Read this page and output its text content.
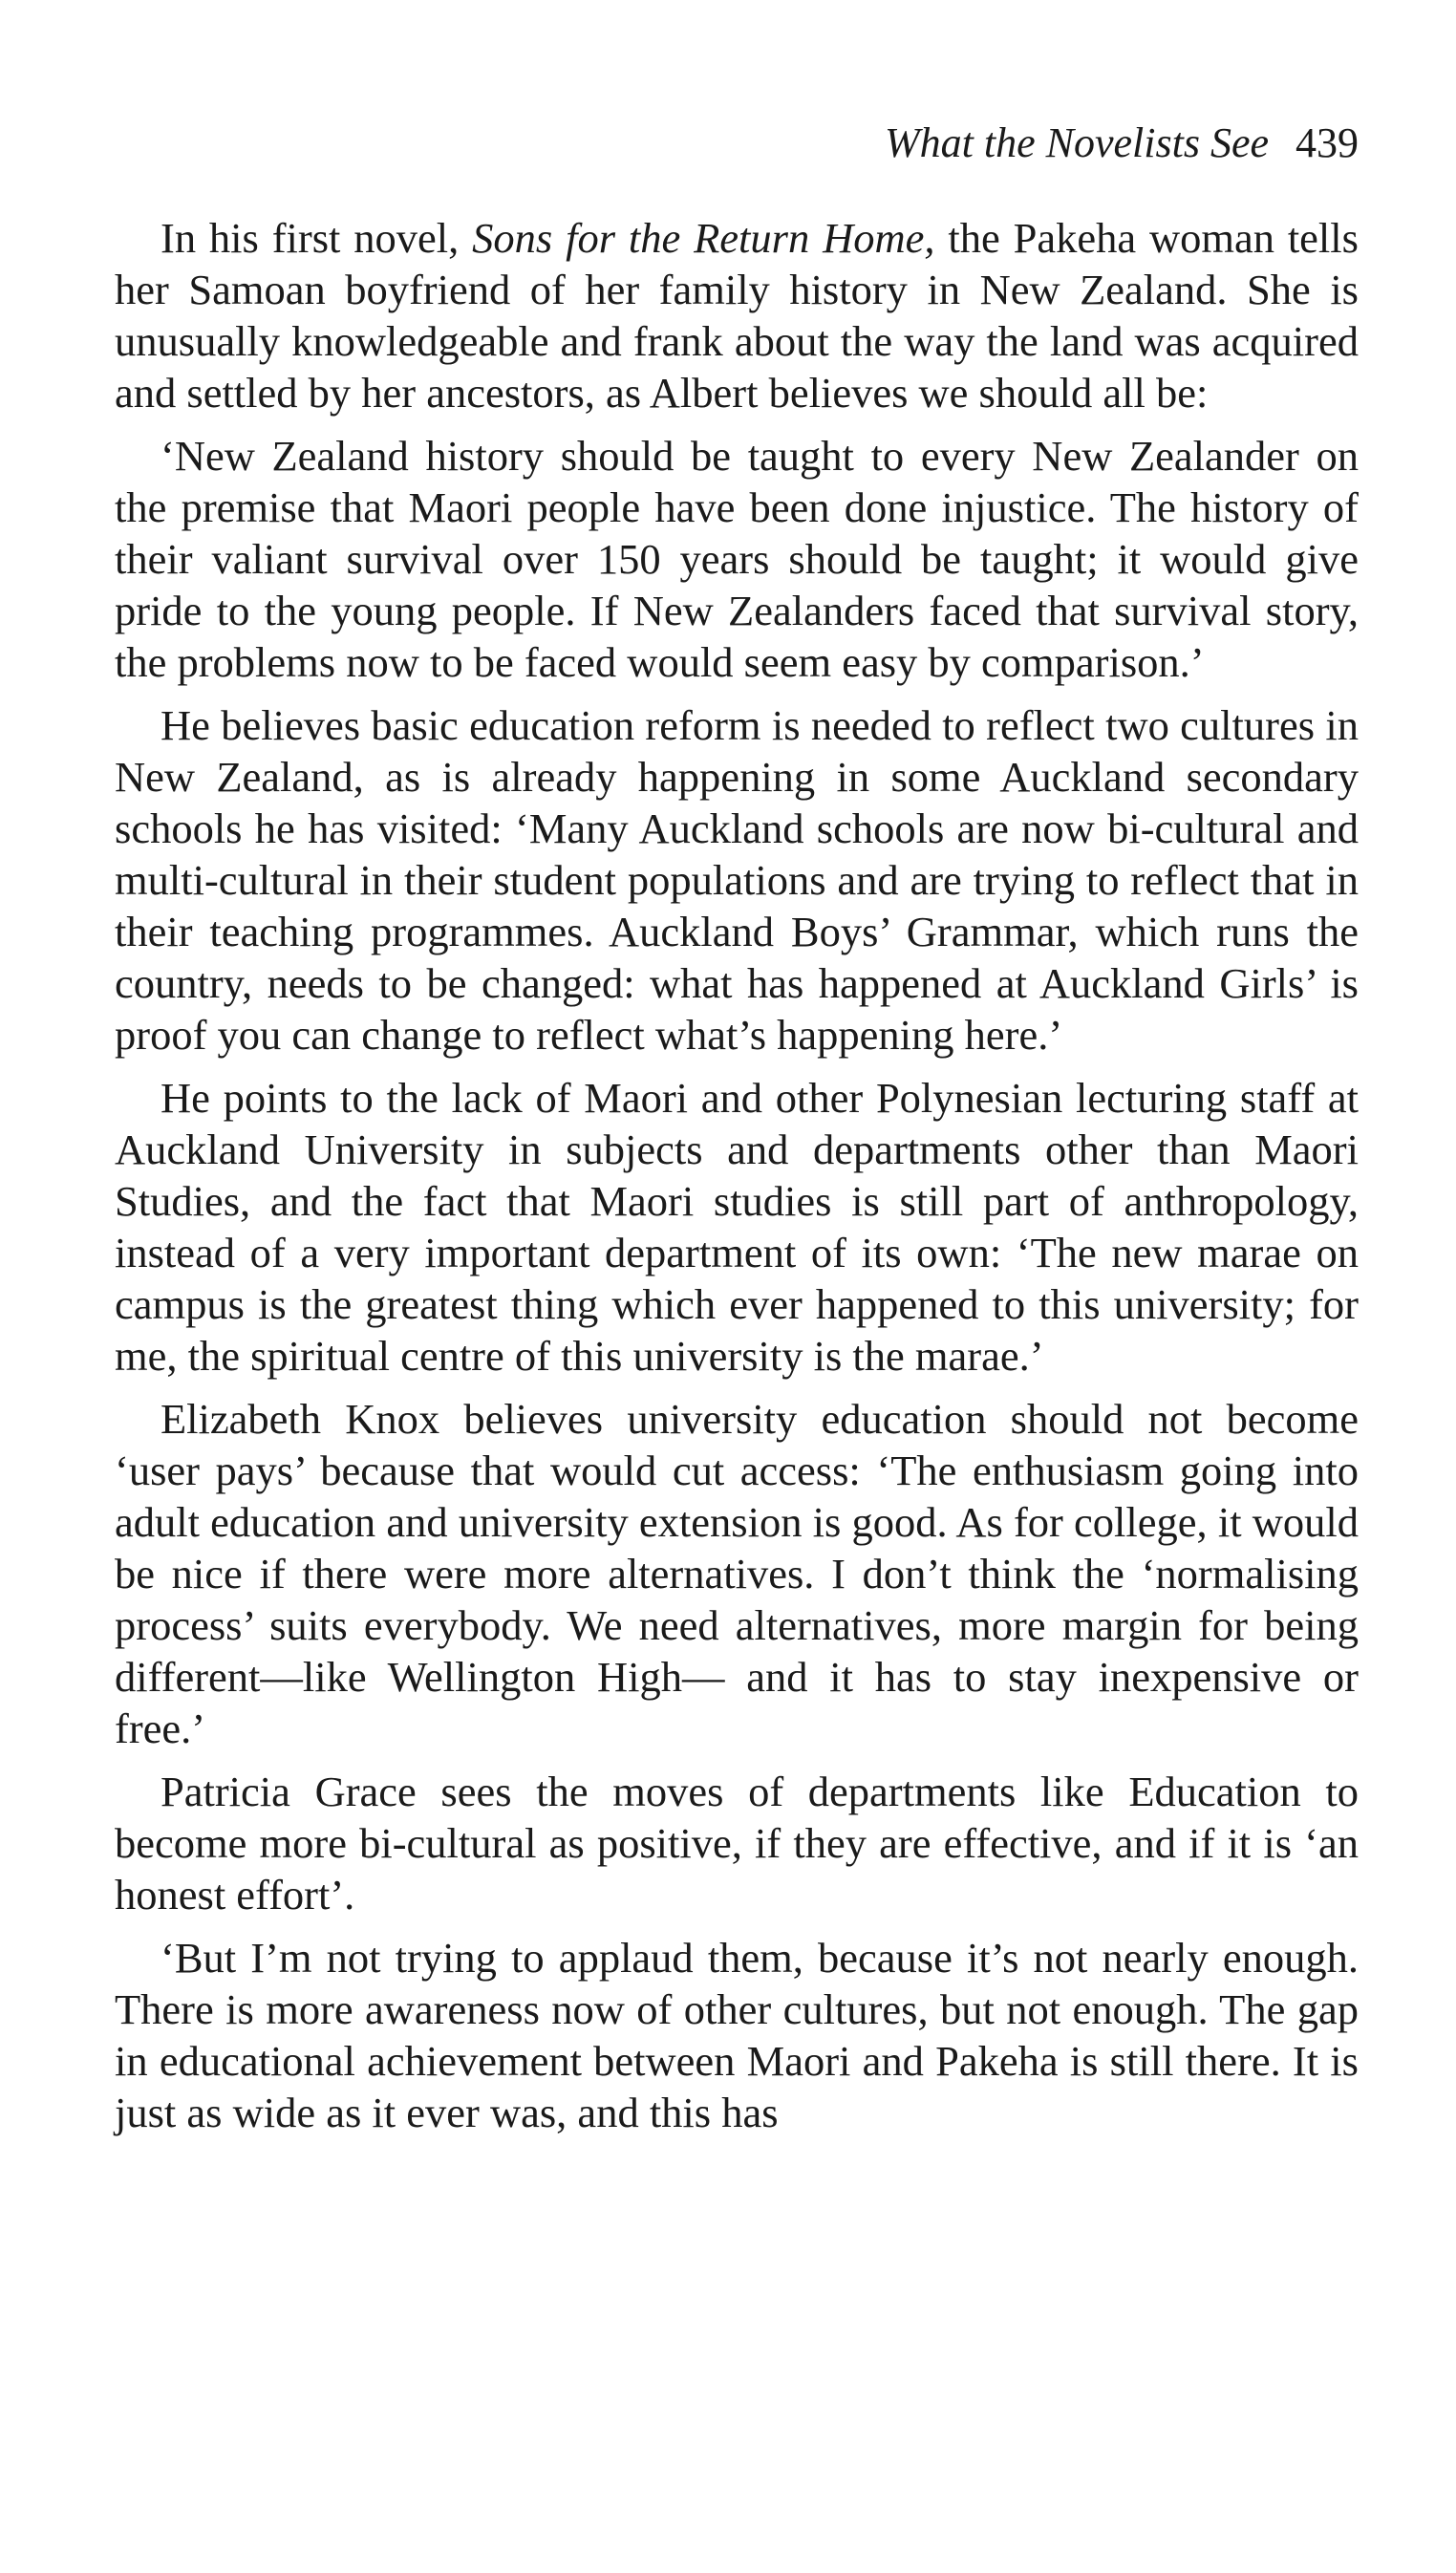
What the Novelists See 439

In his first novel, Sons for the Return Home, the Pakeha woman tells her Samoan boyfriend of her family history in New Zealand. She is unusually knowledgeable and frank about the way the land was acquired and settled by her ancestors, as Albert believes we should all be:

‘New Zealand history should be taught to every New Zealander on the premise that Maori people have been done injustice. The history of their valiant survival over 150 years should be taught; it would give pride to the young people. If New Zealanders faced that survival story, the problems now to be faced would seem easy by comparison.’

He believes basic education reform is needed to reflect two cultures in New Zealand, as is already happening in some Auckland secondary schools he has visited: ‘Many Auckland schools are now bi-cultural and multi-cultural in their student populations and are trying to reflect that in their teaching programmes. Auckland Boys’ Grammar, which runs the country, needs to be changed: what has happened at Auckland Girls’ is proof you can change to reflect what’s happening here.’

He points to the lack of Maori and other Polynesian lecturing staff at Auckland University in subjects and departments other than Maori Studies, and the fact that Maori studies is still part of anthropology, instead of a very important department of its own: ‘The new marae on campus is the greatest thing which ever happened to this university; for me, the spiritual centre of this university is the marae.’

Elizabeth Knox believes university education should not become ‘user pays’ because that would cut access: ‘The enthusiasm going into adult education and university extension is good. As for college, it would be nice if there were more alternatives. I don’t think the ‘normalising process’ suits everybody. We need alternatives, more margin for being different—like Wellington High— and it has to stay inexpensive or free.’

Patricia Grace sees the moves of departments like Education to become more bi-cultural as positive, if they are effective, and if it is ‘an honest effort’.

‘But I’m not trying to applaud them, because it’s not nearly enough. There is more awareness now of other cultures, but not enough. The gap in educational achievement between Maori and Pakeha is still there. It is just as wide as it ever was, and this has
